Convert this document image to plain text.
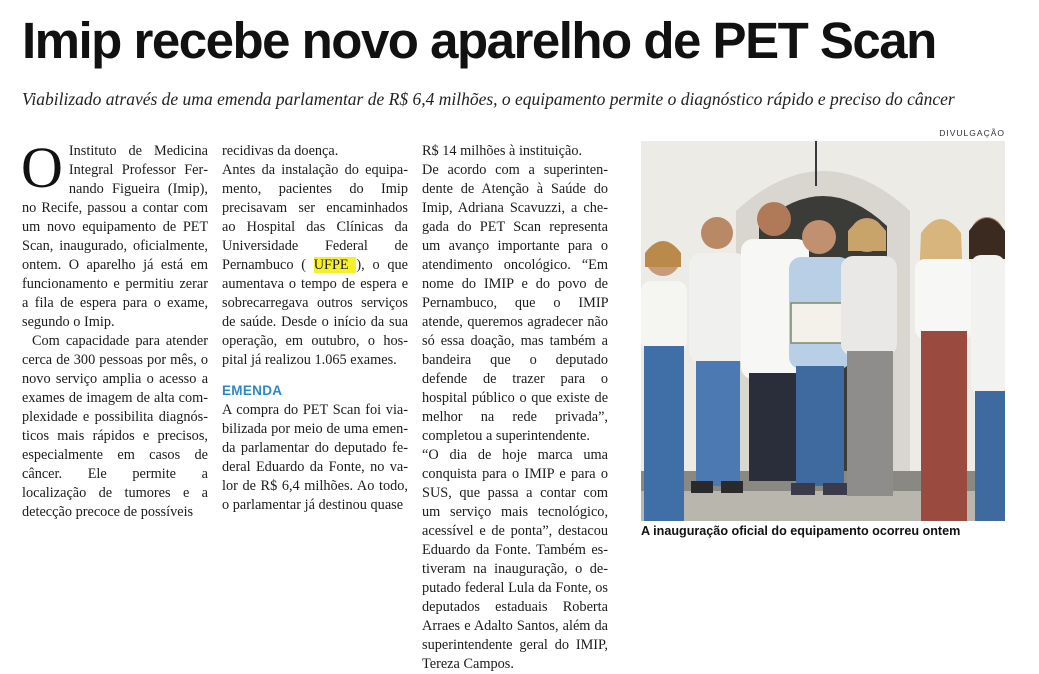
Imip recebe novo aparelho de PET Scan
Viabilizado através de uma emenda parlamentar de R$ 6,4 milhões, o equipamento permite o diagnóstico rápido e preciso do câncer

O Instituto de Medicina Integral Professor Fernando Figueira (Imip), no Recife, passou a contar com um novo equipamento de PET Scan, inaugurado, oficialmente, ontem. O aparelho já está em funcionamento e permitiu zerar a fila de espera para o exame, segundo o Imip.

Com capacidade para atender cerca de 300 pessoas por mês, o novo serviço amplia o acesso a exames de imagem de alta complexidade e possibilita diagnósticos mais rápidos e precisos, especialmente em casos de câncer. Ele permite a localização de tumores e a detecção precoce de possíveis

recidivas da doença.

Antes da instalação do equipamento, pacientes do Imip precisavam ser encaminhados ao Hospital das Clínicas da Universidade Federal de Pernambuco ( UFPE ), o que aumentava o tempo de espera e sobrecarregava outros serviços de saúde. Desde o início da sua operação, em outubro, o hospital já realizou 1.065 exames.

EMENDA

A compra do PET Scan foi viabilizada por meio de uma emenda parlamentar do deputado federal Eduardo da Fonte, no valor de R$ 6,4 milhões. Ao todo, o parlamentar já destinou quase

R$ 14 milhões à instituição.

De acordo com a superintendente de Atenção à Saúde do Imip, Adriana Scavuzzi, a chegada do PET Scan representa um avanço importante para o atendimento oncológico. “Em nome do IMIP e do povo de Pernambuco, que o IMIP atende, queremos agradecer não só essa doação, mas também a bandeira que o deputado defende de trazer para o hospital público o que existe de melhor na rede privada”, completou a superintendente.

“O dia de hoje marca uma conquista para o IMIP e para o SUS, que passa a contar com um serviço mais tecnológico, acessível e de ponta”, destacou Eduardo da Fonte. Também estiveram na inauguração, o deputado federal Lula da Fonte, os deputados estaduais Roberta Arraes e Adalto Santos, além da superintendente geral do IMIP, Tereza Campos.

DIVULGAÇÃO
A inauguração oficial do equipamento ocorreu ontem
